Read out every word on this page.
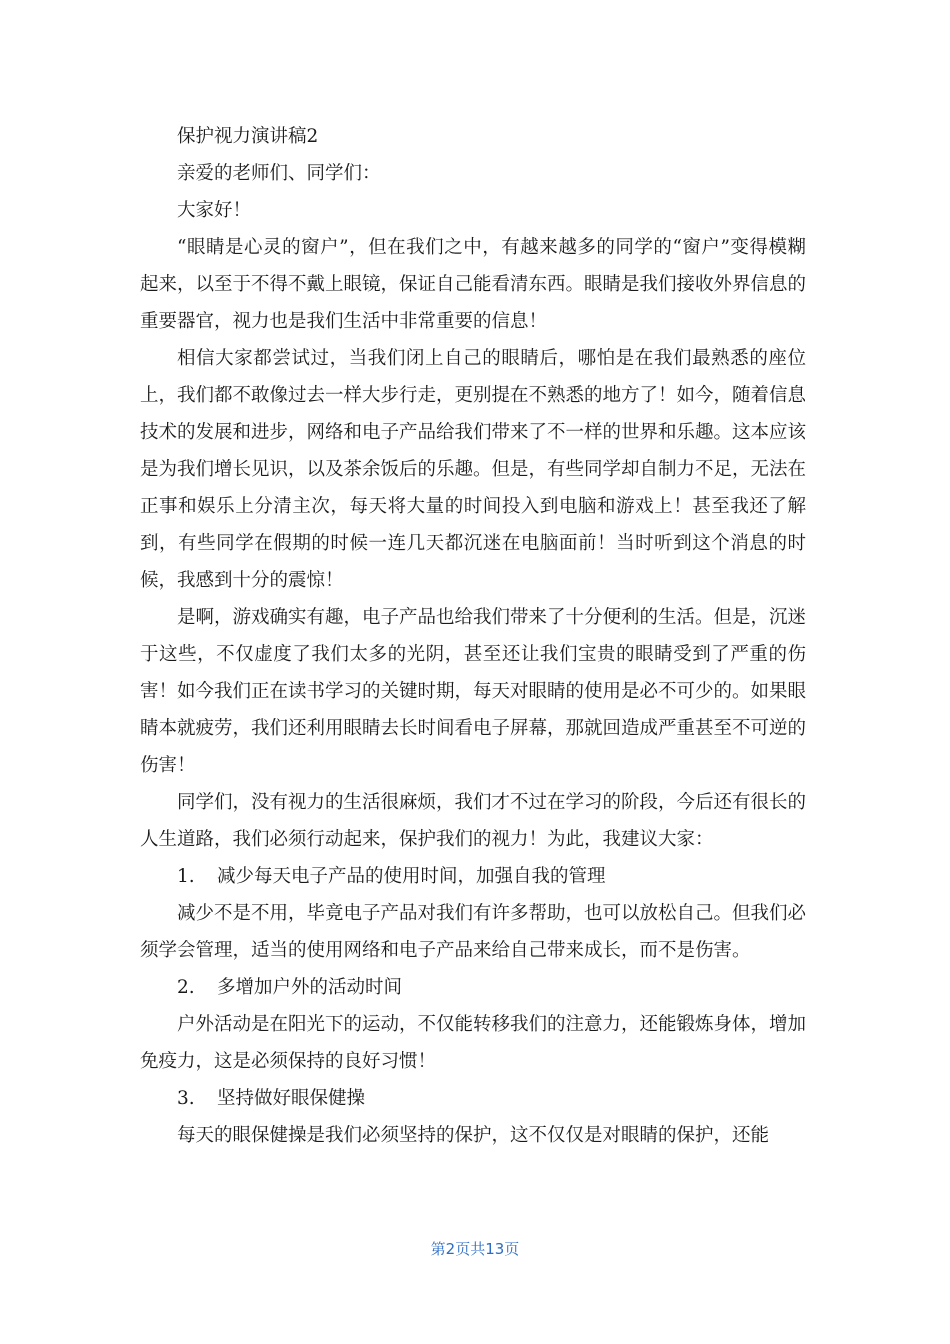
保护视力演讲稿2

亲爱的老师们、同学们：

大家好！

“眼睛是心灵的窗户”，但在我们之中，有越来越多的同学的“窗户”变得模糊起来，以至于不得不戴上眼镜，保证自己能看清东西。眼睛是我们接收外界信息的重要器官，视力也是我们生活中非常重要的信息！

相信大家都尝试过，当我们闭上自己的眼睛后，哪怕是在我们最熟悉的座位上，我们都不敢像过去一样大步行走，更别提在不熟悉的地方了！如今，随着信息技术的发展和进步，网络和电子产品给我们带来了不一样的世界和乐趣。这本应该是为我们增长见识，以及茶余饭后的乐趣。但是，有些同学却自制力不足，无法在正事和娱乐上分清主次，每天将大量的时间投入到电脑和游戏上！甚至我还了解到，有些同学在假期的时候一连几天都沉迷在电脑面前！当时听到这个消息的时候，我感到十分的震惊！

是啊，游戏确实有趣，电子产品也给我们带来了十分便利的生活。但是，沉迷于这些，不仅虚度了我们太多的光阴，甚至还让我们宝贵的眼睛受到了严重的伤害！如今我们正在读书学习的关键时期，每天对眼睛的使用是必不可少的。如果眼睛本就疲劳，我们还利用眼睛去长时间看电子屏幕，那就回造成严重甚至不可逆的伤害！

同学们，没有视力的生活很麻烦，我们才不过在学习的阶段，今后还有很长的人生道路，我们必须行动起来，保护我们的视力！为此，我建议大家：

1. 减少每天电子产品的使用时间，加强自我的管理

减少不是不用，毕竟电子产品对我们有许多帮助，也可以放松自己。但我们必须学会管理，适当的使用网络和电子产品来给自己带来成长，而不是伤害。

2. 多增加户外的活动时间

户外活动是在阳光下的运动，不仅能转移我们的注意力，还能锻炼身体，增加免疫力，这是必须保持的良好习惯！

3. 坚持做好眼保健操

每天的眼保健操是我们必须坚持的保护，这不仅仅是对眼睛的保护，还能

第2页共13页
